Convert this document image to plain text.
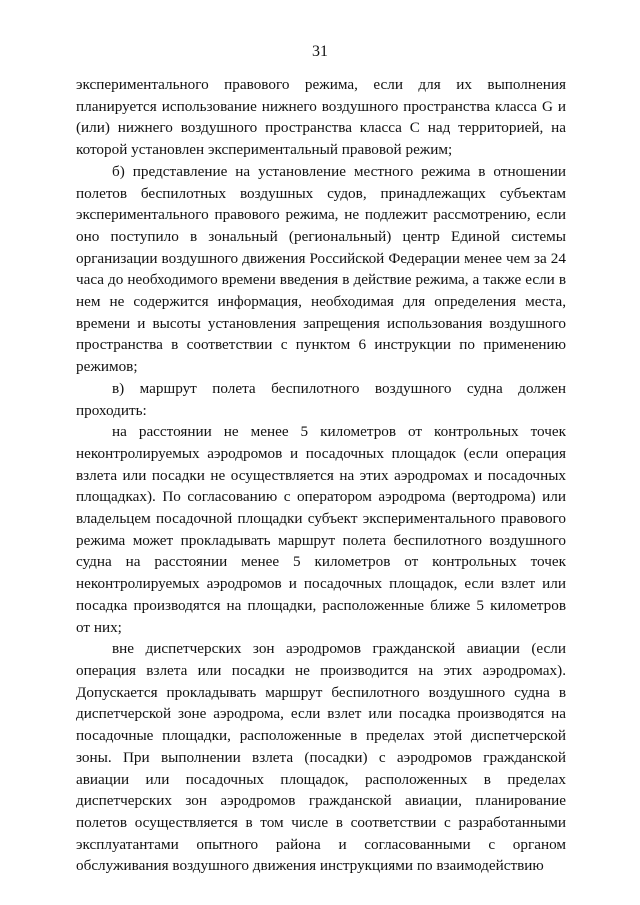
31

экспериментального правового режима, если для их выполнения планируется использование нижнего воздушного пространства класса G и (или) нижнего воздушного пространства класса С над территорией, на которой установлен экспериментальный правовой режим;

б) представление на установление местного режима в отношении полетов беспилотных воздушных судов, принадлежащих субъектам экспериментального правового режима, не подлежит рассмотрению, если оно поступило в зональный (региональный) центр Единой системы организации воздушного движения Российской Федерации менее чем за 24 часа до необходимого времени введения в действие режима, а также если в нем не содержится информация, необходимая для определения места, времени и высоты установления запрещения использования воздушного пространства в соответствии с пунктом 6 инструкции по применению режимов;

в) маршрут полета беспилотного воздушного судна должен проходить:

на расстоянии не менее 5 километров от контрольных точек неконтролируемых аэродромов и посадочных площадок (если операция взлета или посадки не осуществляется на этих аэродромах и посадочных площадках). По согласованию с оператором аэродрома (вертодрома) или владельцем посадочной площадки субъект экспериментального правового режима может прокладывать маршрут полета беспилотного воздушного судна на расстоянии менее 5 километров от контрольных точек неконтролируемых аэродромов и посадочных площадок, если взлет или посадка производятся на площадки, расположенные ближе 5 километров от них;

вне диспетчерских зон аэродромов гражданской авиации (если операция взлета или посадки не производится на этих аэродромах). Допускается прокладывать маршрут беспилотного воздушного судна в диспетчерской зоне аэродрома, если взлет или посадка производятся на посадочные площадки, расположенные в пределах этой диспетчерской зоны. При выполнении взлета (посадки) с аэродромов гражданской авиации или посадочных площадок, расположенных в пределах диспетчерских зон аэродромов гражданской авиации, планирование полетов осуществляется в том числе в соответствии с разработанными эксплуатантами опытного района и согласованными с органом обслуживания воздушного движения инструкциями по взаимодействию
